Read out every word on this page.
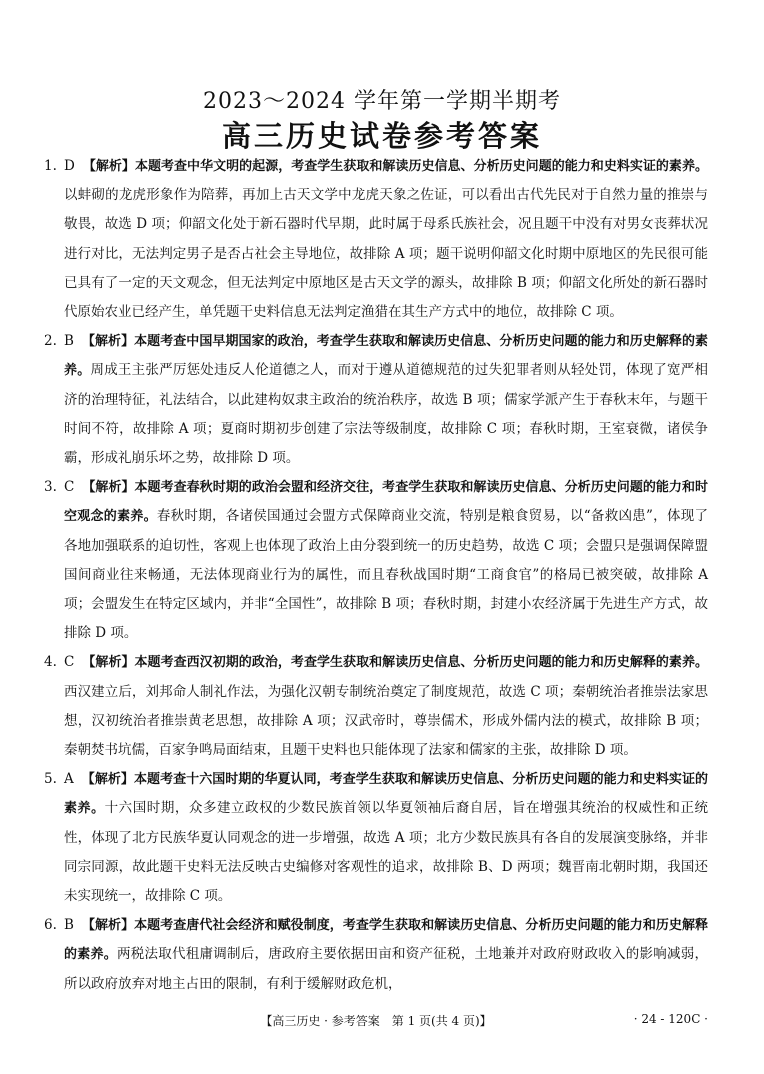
2023～2024 学年第一学期半期考
高三历史试卷参考答案
1. D 【解析】本题考查中华文明的起源，考查学生获取和解读历史信息、分析历史问题的能力和史料实证的素养。以蚌砌的龙虎形象作为陪葬，再加上古天文学中龙虎天象之佐证，可以看出古代先民对于自然力量的推崇与敬畏，故选 D 项；仰韶文化处于新石器时代早期，此时属于母系氏族社会，况且题干中没有对男女丧葬状况进行对比，无法判定男子是否占社会主导地位，故排除 A 项；题干说明仰韶文化时期中原地区的先民很可能已具有了一定的天文观念，但无法判定中原地区是古天文学的源头，故排除 B 项；仰韶文化所处的新石器时代原始农业已经产生，单凭题干史料信息无法判定渔猎在其生产方式中的地位，故排除 C 项。
2. B 【解析】本题考查中国早期国家的政治，考查学生获取和解读历史信息、分析历史问题的能力和历史解释的素养。周成王主张严厉惩处违反人伦道德之人，而对于遵从道德规范的过失犯罪者则从轻处罚，体现了宽严相济的治理特征，礼法结合，以此建构奴隶主政治的统治秩序，故选 B 项；儒家学派产生于春秋末年，与题干时间不符，故排除 A 项；夏商时期初步创建了宗法等级制度，故排除 C 项；春秋时期，王室衰微，诸侯争霸，形成礼崩乐坏之势，故排除 D 项。
3. C 【解析】本题考查春秋时期的政治会盟和经济交往，考查学生获取和解读历史信息、分析历史问题的能力和时空观念的素养。春秋时期，各诸侯国通过会盟方式保障商业交流，特别是粮食贸易，以“备救凶患”，体现了各地加强联系的迫切性，客观上也体现了政治上由分裂到统一的历史趋势，故选 C 项；会盟只是强调保障盟国间商业往来畅通，无法体现商业行为的属性，而且春秋战国时期“工商食官”的格局已被突破，故排除 A 项；会盟发生在特定区域内，并非“全国性”，故排除 B 项；春秋时期，封建小农经济属于先进生产方式，故排除 D 项。
4. C 【解析】本题考查西汉初期的政治，考查学生获取和解读历史信息、分析历史问题的能力和历史解释的素养。西汉建立后，刘邦命人制礼作法，为强化汉朝专制统治奠定了制度规范，故选 C 项；秦朝统治者推崇法家思想，汉初统治者推崇黄老思想，故排除 A 项；汉武帝时，尊崇儒术，形成外儒内法的模式，故排除 B 项；秦朝焚书坑儒，百家争鸣局面结束，且题干史料也只能体现了法家和儒家的主张，故排除 D 项。
5. A 【解析】本题考查十六国时期的华夏认同，考查学生获取和解读历史信息、分析历史问题的能力和史料实证的素养。十六国时期，众多建立政权的少数民族首领以华夏领袖后裔自居，旨在增强其统治的权威性和正统性，体现了北方民族华夏认同观念的进一步增强，故选 A 项；北方少数民族具有各自的发展演变脉络，并非同宗同源，故此题干史料无法反映古史编修对客观性的追求，故排除 B、D 两项；魏晋南北朝时期，我国还未实现统一，故排除 C 项。
6. B 【解析】本题考查唐代社会经济和赋役制度，考查学生获取和解读历史信息、分析历史问题的能力和历史解释的素养。两税法取代租庸调制后，唐政府主要依据田亩和资产征税，土地兼并对政府财政收入的影响减弱，所以政府放弃对地主占田的限制，有利于缓解财政危机，
【高三历史 · 参考答案　第 1 页(共 4 页)】	· 24 - 120C ·
